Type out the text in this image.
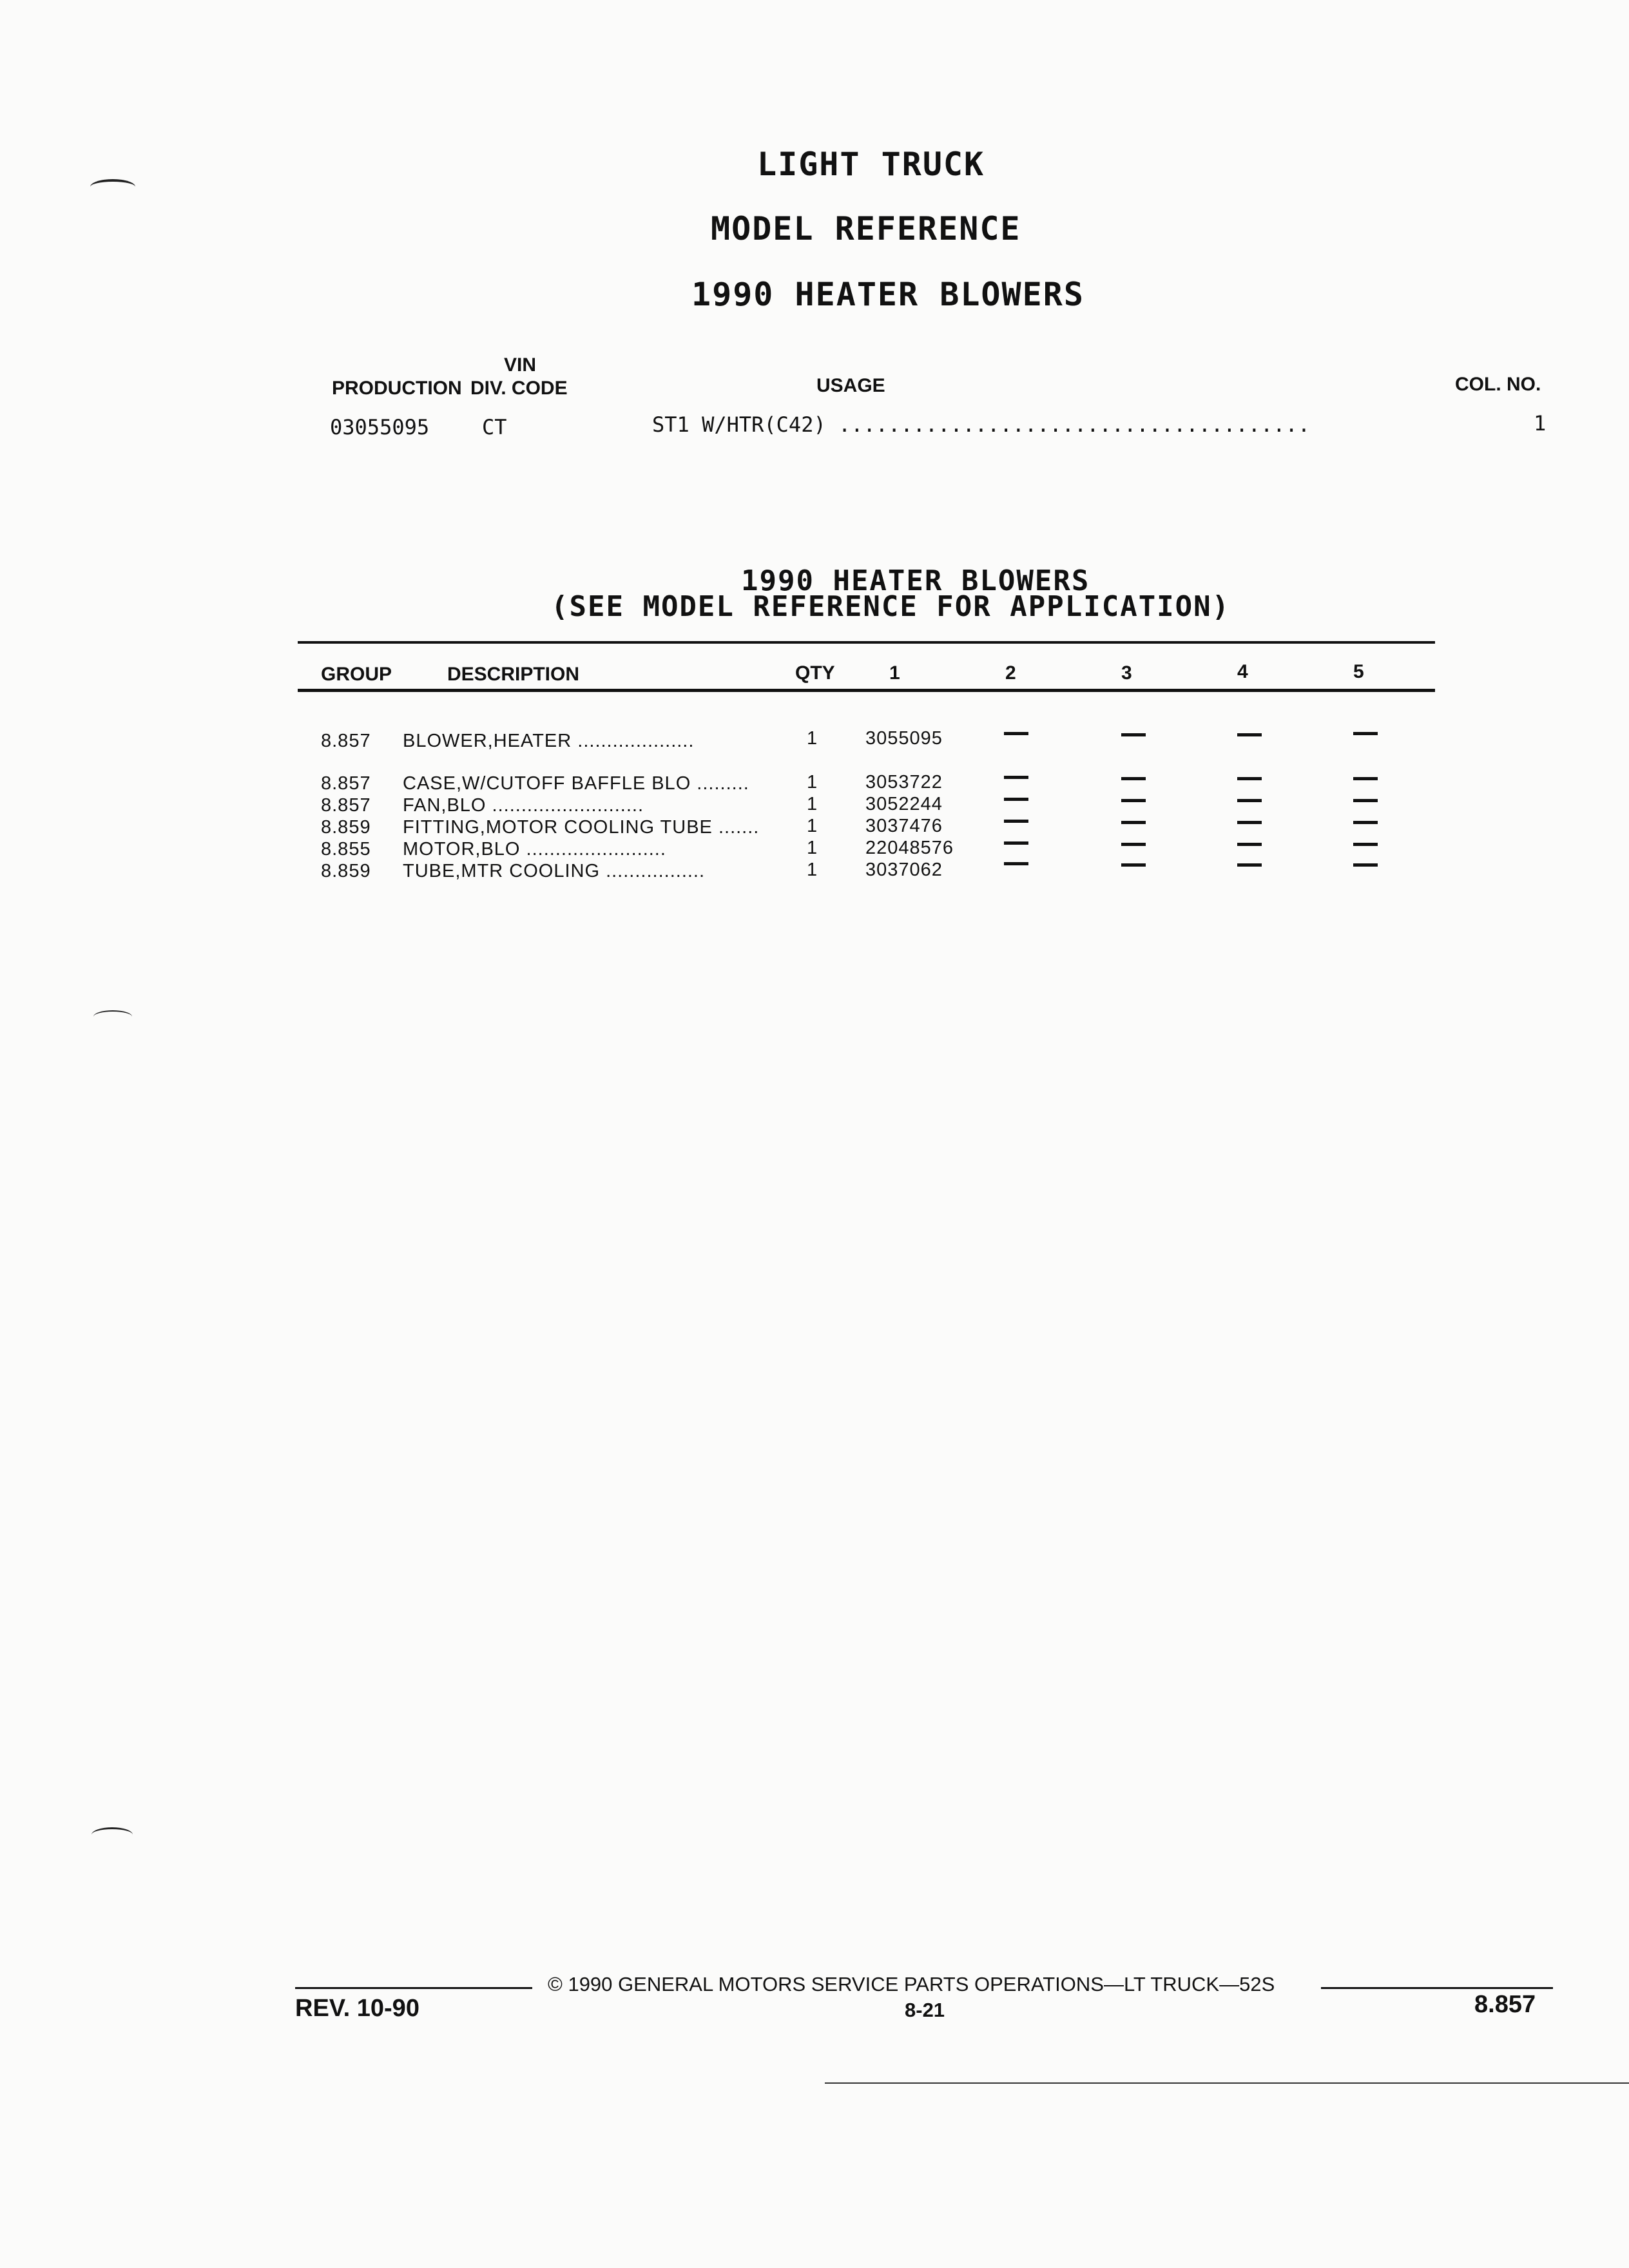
LIGHT TRUCK
MODEL REFERENCE
1990 HEATER BLOWERS
VIN
PRODUCTION DIV. CODE	USAGE	COL. NO.
03055095	CT	ST1 W/HTR(C42) ......................................	1
1990 HEATER BLOWERS
(SEE MODEL REFERENCE FOR APPLICATION)
GROUP	DESCRIPTION	QTY	1	2	3	4	5
8.857 BLOWER,HEATER ....................	1	3055095
8.857 CASE,W/CUTOFF BAFFLE BLO .........	1	3053722
8.857 FAN,BLO ..........................	1	3052244
8.859 FITTING,MOTOR COOLING TUBE .......	1	3037476
8.855 MOTOR,BLO ........................	1	22048576
8.859 TUBE,MTR COOLING .................	1	3037062
© 1990 GENERAL MOTORS SERVICE PARTS OPERATIONS—LT TRUCK—52S
REV. 10-90	8-21	8.857
